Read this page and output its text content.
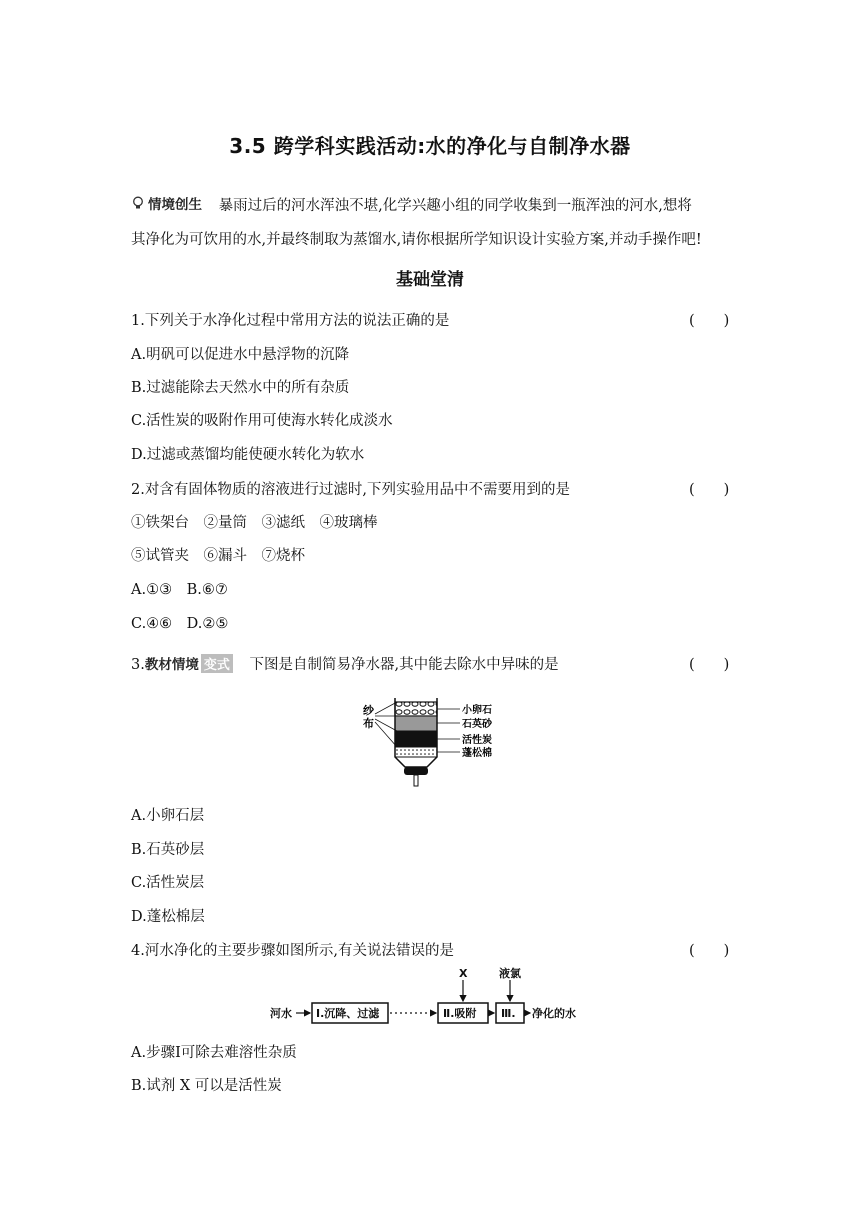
3.5 跨学科实践活动:水的净化与自制净水器
情境创生 暴雨过后的河水浑浊不堪,化学兴趣小组的同学收集到一瓶浑浊的河水,想将
其净化为可饮用的水,并最终制取为蒸馏水,请你根据所学知识设计实验方案,并动手操作吧!
基础堂清
1.下列关于水净化过程中常用方法的说法正确的是	(　　)
A.明矾可以促进水中悬浮物的沉降
B.过滤能除去天然水中的所有杂质
C.活性炭的吸附作用可使海水转化成淡水
D.过滤或蒸馏均能使硬水转化为软水
2.对含有固体物质的溶液进行过滤时,下列实验用品中不需要用到的是	(　　)
①铁架台　②量筒　③滤纸　④玻璃棒
⑤试管夹　⑥漏斗　⑦烧杯
A.①③　B.⑥⑦
C.④⑥　D.②⑤
3.教材情境 变式 下图是自制简易净水器,其中能去除水中异味的是	(　　)
纱
布
小卵石
石英砂
活性炭
蓬松棉
A.小卵石层
B.石英砂层
C.活性炭层
D.蓬松棉层
4.河水净化的主要步骤如图所示,有关说法错误的是	(　　)
河水 Ⅰ.沉降、过滤	Ⅱ.吸附 Ⅲ. 净化的水
X	液氯
A.步骤Ⅰ可除去难溶性杂质
B.试剂 X 可以是活性炭
